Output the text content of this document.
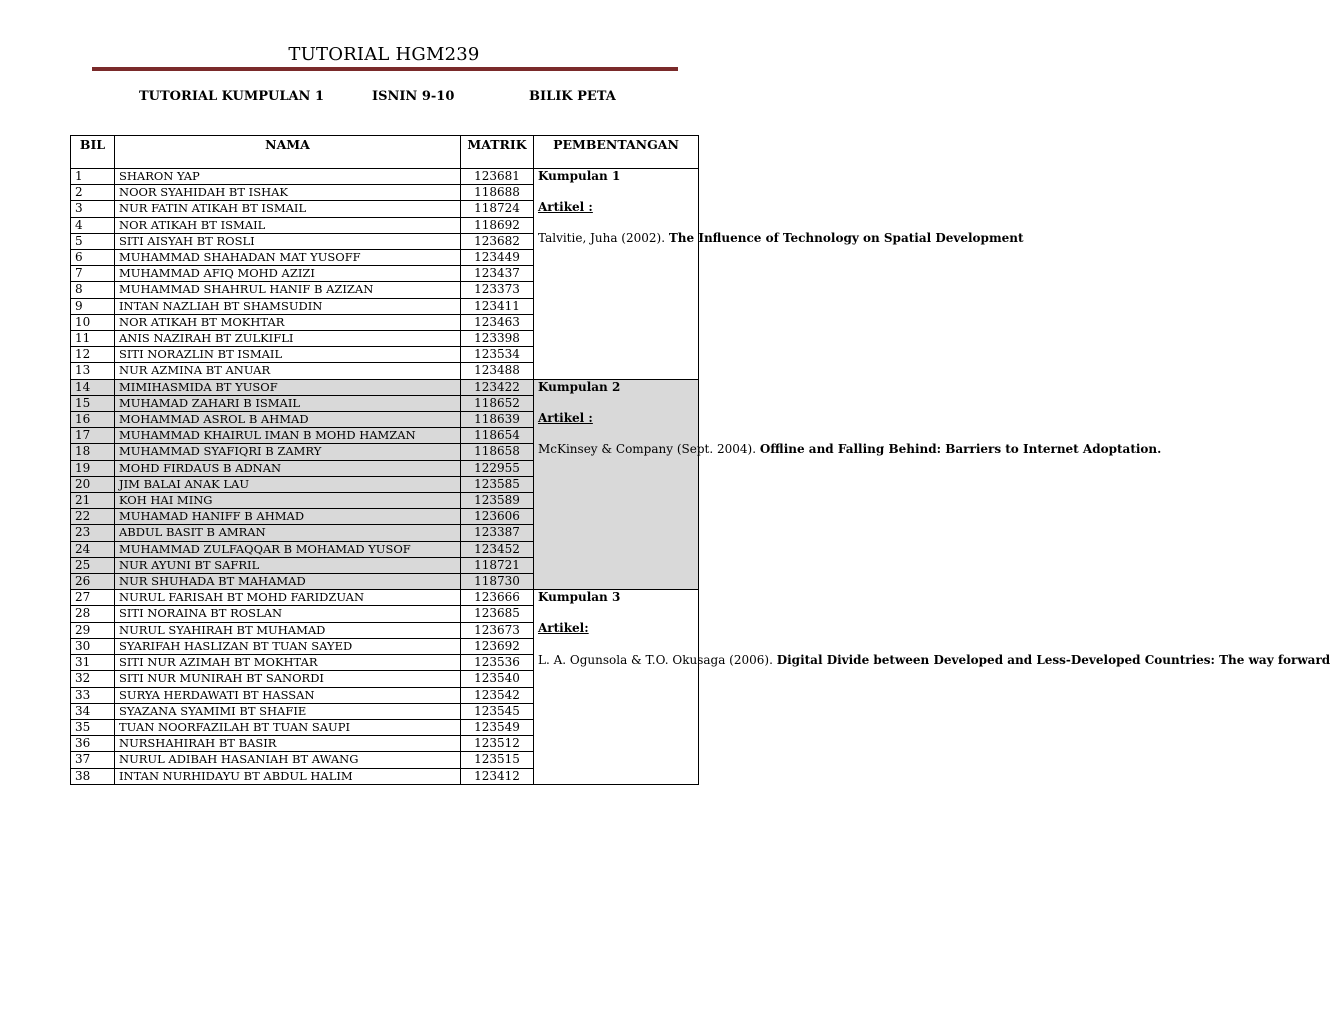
TUTORIAL HGM239
TUTORIAL KUMPULAN 1	ISNIN 9-10	BILIK PETA
BIL	NAMA	MATRIK	PEMBENTANGAN
1	SHARON YAP	123681	Kumpulan 1
Artikel :
Talvitie, Juha (2002). The Influence of Technology on Spatial Development
2	NOOR SYAHIDAH BT ISHAK	118688	
3	NUR FATIN ATIKAH BT ISMAIL	118724	
4	NOR ATIKAH BT ISMAIL	118692	
5	SITI AISYAH BT ROSLI	123682	
6	MUHAMMAD SHAHADAN MAT YUSOFF	123449	
7	MUHAMMAD AFIQ MOHD AZIZI	123437	
8	MUHAMMAD SHAHRUL HANIF B AZIZAN	123373	
9	INTAN NAZLIAH BT SHAMSUDIN	123411	
10	NOR ATIKAH BT MOKHTAR	123463	
11	ANIS NAZIRAH BT ZULKIFLI	123398	
12	SITI NORAZLIN BT ISMAIL	123534	
13	NUR AZMINA BT ANUAR	123488	
14	MIMIHASMIDA BT YUSOF	123422	Kumpulan 2
Artikel :
McKinsey & Company (Sept. 2004). Offline and Falling Behind: Barriers to Internet Adoptation.
15	MUHAMAD ZAHARI B ISMAIL	118652	
16	MOHAMMAD ASROL B AHMAD	118639	
17	MUHAMMAD KHAIRUL IMAN B MOHD HAMZAN	118654	
18	MUHAMMAD SYAFIQRI B ZAMRY	118658	
19	MOHD FIRDAUS B ADNAN	122955	
20	JIM BALAI ANAK LAU	123585	
21	KOH HAI MING	123589	
22	MUHAMAD HANIFF B AHMAD	123606	
23	ABDUL BASIT B AMRAN	123387	
24	MUHAMMAD ZULFAQQAR B MOHAMAD YUSOF	123452	
25	NUR AYUNI BT SAFRIL	118721	
26	NUR SHUHADA BT MAHAMAD	118730	
27	NURUL FARISAH BT MOHD FARIDZUAN	123666	Kumpulan 3
Artikel:
L. A. Ogunsola & T.O. Okusaga (2006). Digital Divide between Developed and Less-Developed Countries: The way forward
28	SITI NORAINA BT ROSLAN	123685	
29	NURUL SYAHIRAH BT MUHAMAD	123673	
30	SYARIFAH HASLIZAN BT TUAN SAYED	123692	
31	SITI NUR AZIMAH BT MOKHTAR	123536	
32	SITI NUR MUNIRAH BT SANORDI	123540	
33	SURYA HERDAWATI BT HASSAN	123542	
34	SYAZANA SYAMIMI BT SHAFIE	123545	
35	TUAN NOORFAZILAH BT TUAN SAUPI	123549	
36	NURSHAHIRAH BT BASIR	123512	
37	NURUL ADIBAH HASANIAH BT AWANG	123515	
38	INTAN NURHIDAYU BT ABDUL HALIM	123412	
